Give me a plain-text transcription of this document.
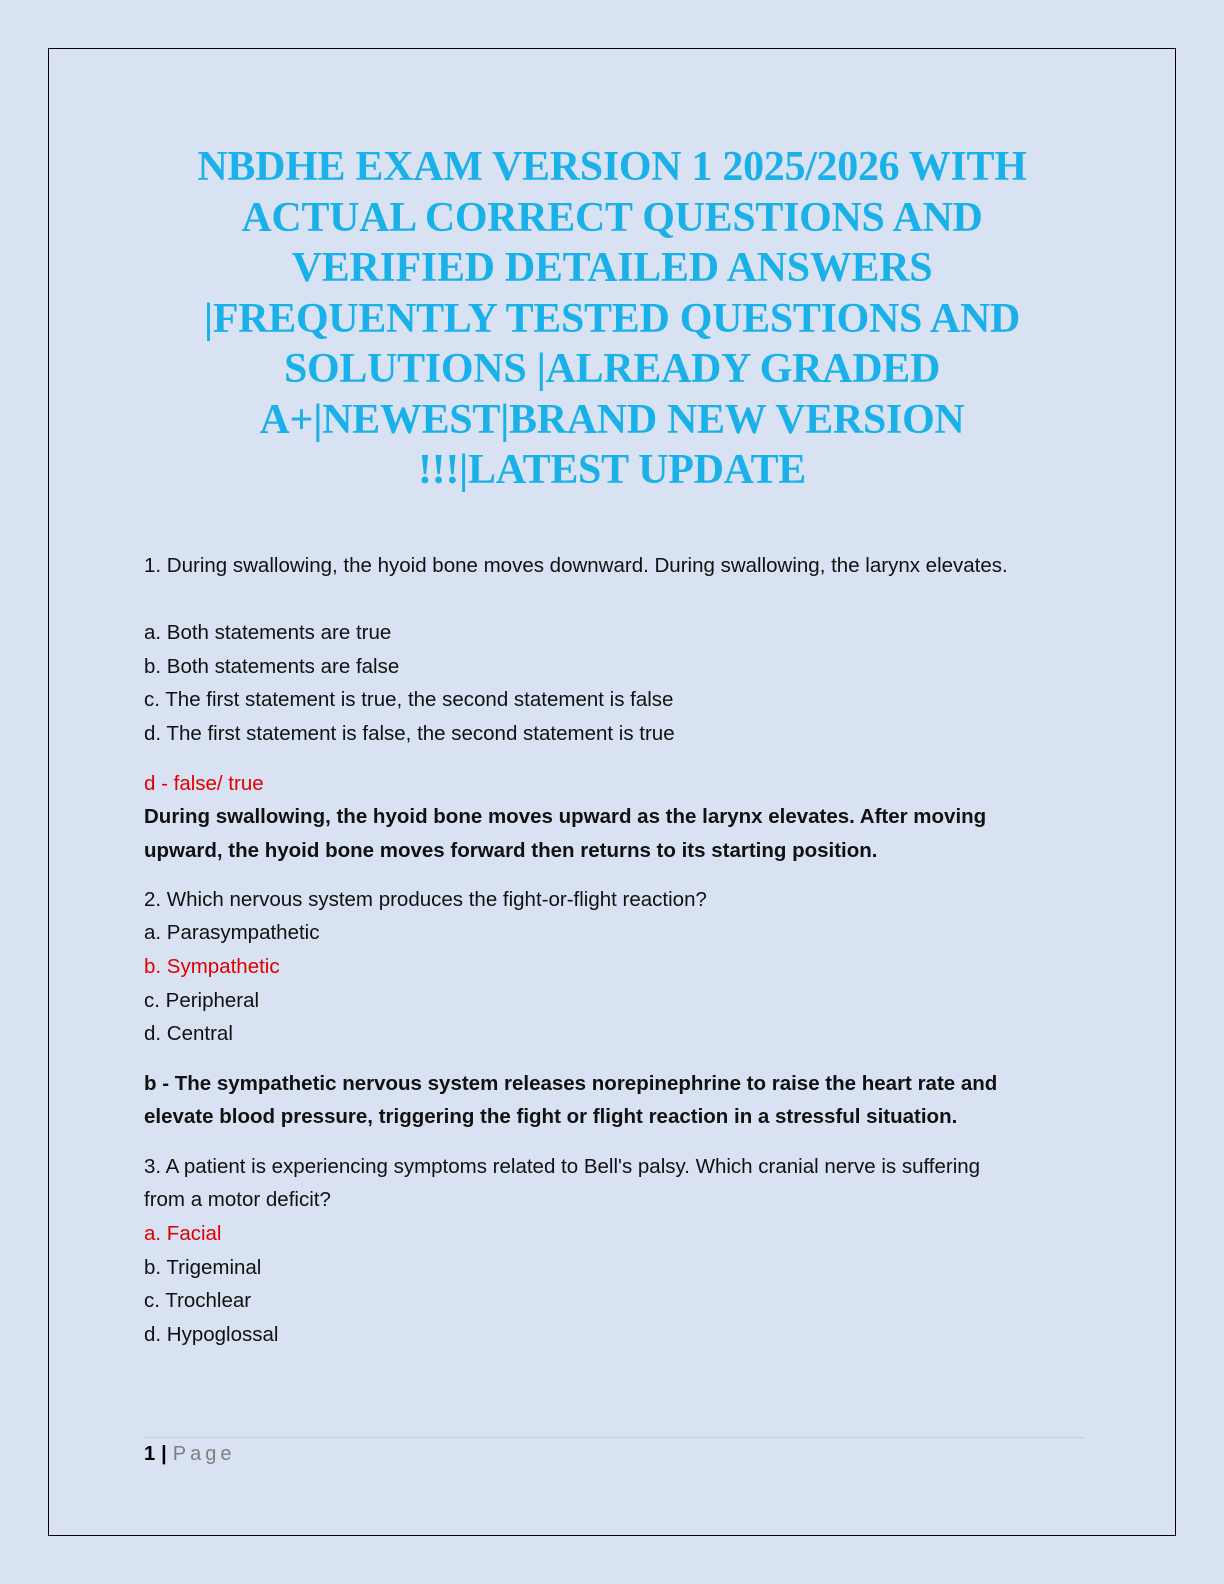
NBDHE EXAM VERSION 1 2025/2026 WITH
ACTUAL CORRECT QUESTIONS AND
VERIFIED DETAILED ANSWERS
|FREQUENTLY TESTED QUESTIONS AND
SOLUTIONS |ALREADY GRADED
A+|NEWEST|BRAND NEW VERSION
!!!|LATEST UPDATE
1. During swallowing, the hyoid bone moves downward. During swallowing, the larynx elevates.
a. Both statements are true
b. Both statements are false
c. The first statement is true, the second statement is false
d. The first statement is false, the second statement is true
d - false/ true
During swallowing, the hyoid bone moves upward as the larynx elevates. After moving
upward, the hyoid bone moves forward then returns to its starting position.
2. Which nervous system produces the fight-or-flight reaction?
a. Parasympathetic
b. Sympathetic
c. Peripheral
d. Central
b - The sympathetic nervous system releases norepinephrine to raise the heart rate and
elevate blood pressure, triggering the fight or flight reaction in a stressful situation.
3. A patient is experiencing symptoms related to Bell's palsy. Which cranial nerve is suffering
from a motor deficit?
a. Facial
b. Trigeminal
c. Trochlear
d. Hypoglossal
1 | Page
